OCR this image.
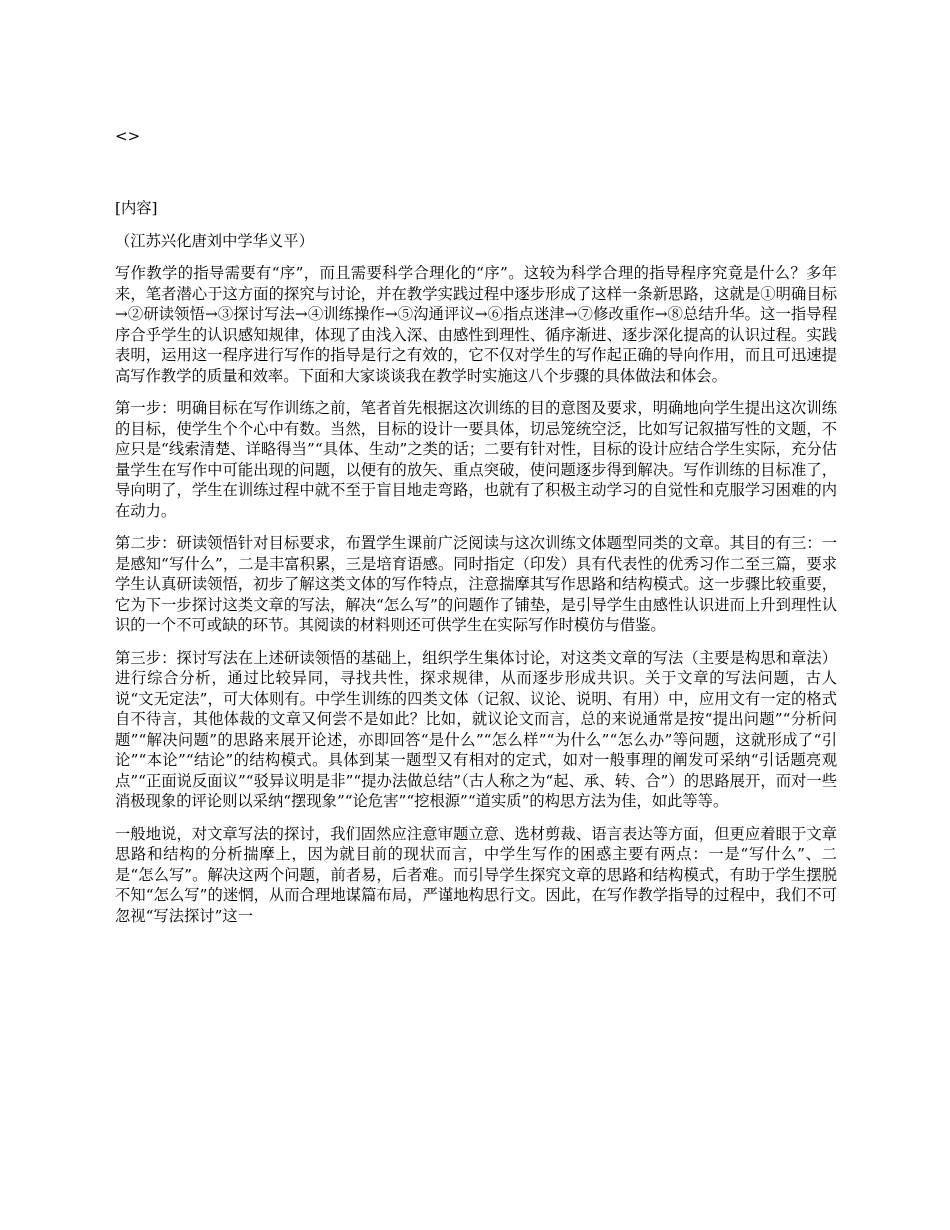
<>

[内容]

（江苏兴化唐刘中学华义平）

写作教学的指导需要有“序”，而且需要科学合理化的“序”。这较为科学合理的指导程序究竟是什么？多年来，笔者潜心于这方面的探究与讨论，并在教学实践过程中逐步形成了这样一条新思路，这就是①明确目标→②研读领悟→③探讨写法→④训练操作→⑤沟通评议→⑥指点迷津→⑦修改重作→⑧总结升华。这一指导程序合乎学生的认识感知规律，体现了由浅入深、由感性到理性、循序渐进、逐步深化提高的认识过程。实践表明，运用这一程序进行写作的指导是行之有效的，它不仅对学生的写作起正确的导向作用，而且可迅速提高写作教学的质量和效率。下面和大家谈谈我在教学时实施这八个步骤的具体做法和体会。

第一步：明确目标在写作训练之前，笔者首先根据这次训练的目的意图及要求，明确地向学生提出这次训练的目标，使学生个个心中有数。当然，目标的设计一要具体，切忌笼统空泛，比如写记叙描写性的文题，不应只是“线索清楚、详略得当”“具体、生动”之类的话；二要有针对性，目标的设计应结合学生实际，充分估量学生在写作中可能出现的问题，以便有的放矢、重点突破，使问题逐步得到解决。写作训练的目标准了，导向明了，学生在训练过程中就不至于盲目地走弯路，也就有了积极主动学习的自觉性和克服学习困难的内在动力。

第二步：研读领悟针对目标要求，布置学生课前广泛阅读与这次训练文体题型同类的文章。其目的有三：一是感知“写什么”，二是丰富积累，三是培育语感。同时指定（印发）具有代表性的优秀习作二至三篇，要求学生认真研读领悟，初步了解这类文体的写作特点，注意揣摩其写作思路和结构模式。这一步骤比较重要，它为下一步探讨这类文章的写法，解决“怎么写”的问题作了铺垫，是引导学生由感性认识进而上升到理性认识的一个不可或缺的环节。其阅读的材料则还可供学生在实际写作时模仿与借鉴。

第三步：探讨写法在上述研读领悟的基础上，组织学生集体讨论，对这类文章的写法（主要是构思和章法）进行综合分析，通过比较异同，寻找共性，探求规律，从而逐步形成共识。关于文章的写法问题，古人说“文无定法”，可大体则有。中学生训练的四类文体（记叙、议论、说明、有用）中，应用文有一定的格式自不待言，其他体裁的文章又何尝不是如此？比如，就议论文而言，总的来说通常是按“提出问题”“分析问题”“解决问题”的思路来展开论述，亦即回答“是什么”“怎么样”“为什么”“怎么办”等问题，这就形成了“引论”“本论”“结论”的结构模式。具体到某一题型又有相对的定式，如对一般事理的阐发可采纳“引话题亮观点”“正面说反面议”“驳异议明是非”“提办法做总结”（古人称之为“起、承、转、合”）的思路展开，而对一些消极现象的评论则以采纳“摆现象”“论危害”“挖根源”“道实质”的构思方法为佳，如此等等。

一般地说，对文章写法的探讨，我们固然应注意审题立意、选材剪裁、语言表达等方面，但更应着眼于文章思路和结构的分析揣摩上，因为就目前的现状而言，中学生写作的困惑主要有两点：一是“写什么”、二是“怎么写”。解决这两个问题，前者易，后者难。而引导学生探究文章的思路和结构模式，有助于学生摆脱不知“怎么写”的迷惘，从而合理地谋篇布局，严谨地构思行文。因此，在写作教学指导的过程中，我们不可忽视“写法探讨”这一
